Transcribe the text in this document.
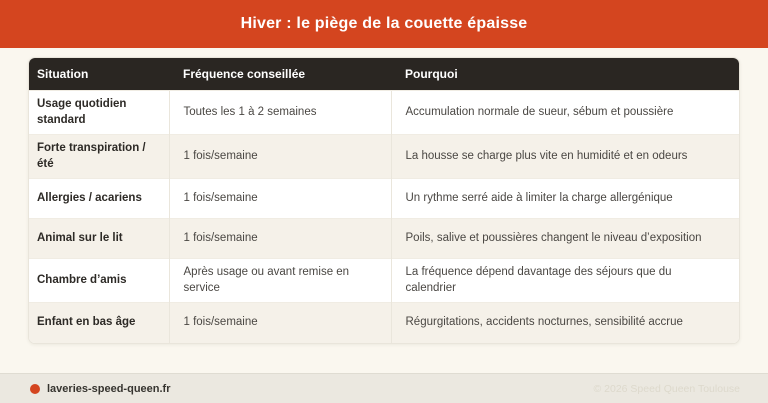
Hiver : le piège de la couette épaisse
Situation	Fréquence conseillée	Pourquoi
Usage quotidien standard	Toutes les 1 à 2 semaines	Accumulation normale de sueur, sébum et poussière
Forte transpiration / été	1 fois/semaine	La housse se charge plus vite en humidité et en odeurs
Allergies / acariens	1 fois/semaine	Un rythme serré aide à limiter la charge allergénique
Animal sur le lit	1 fois/semaine	Poils, salive et poussières changent le niveau d’exposition
Chambre d’amis	Après usage ou avant remise en service	La fréquence dépend davantage des séjours que du calendrier
Enfant en bas âge	1 fois/semaine	Régurgitations, accidents nocturnes, sensibilité accrue
laveries-speed-queen.fr	© 2026 Speed Queen Toulouse
